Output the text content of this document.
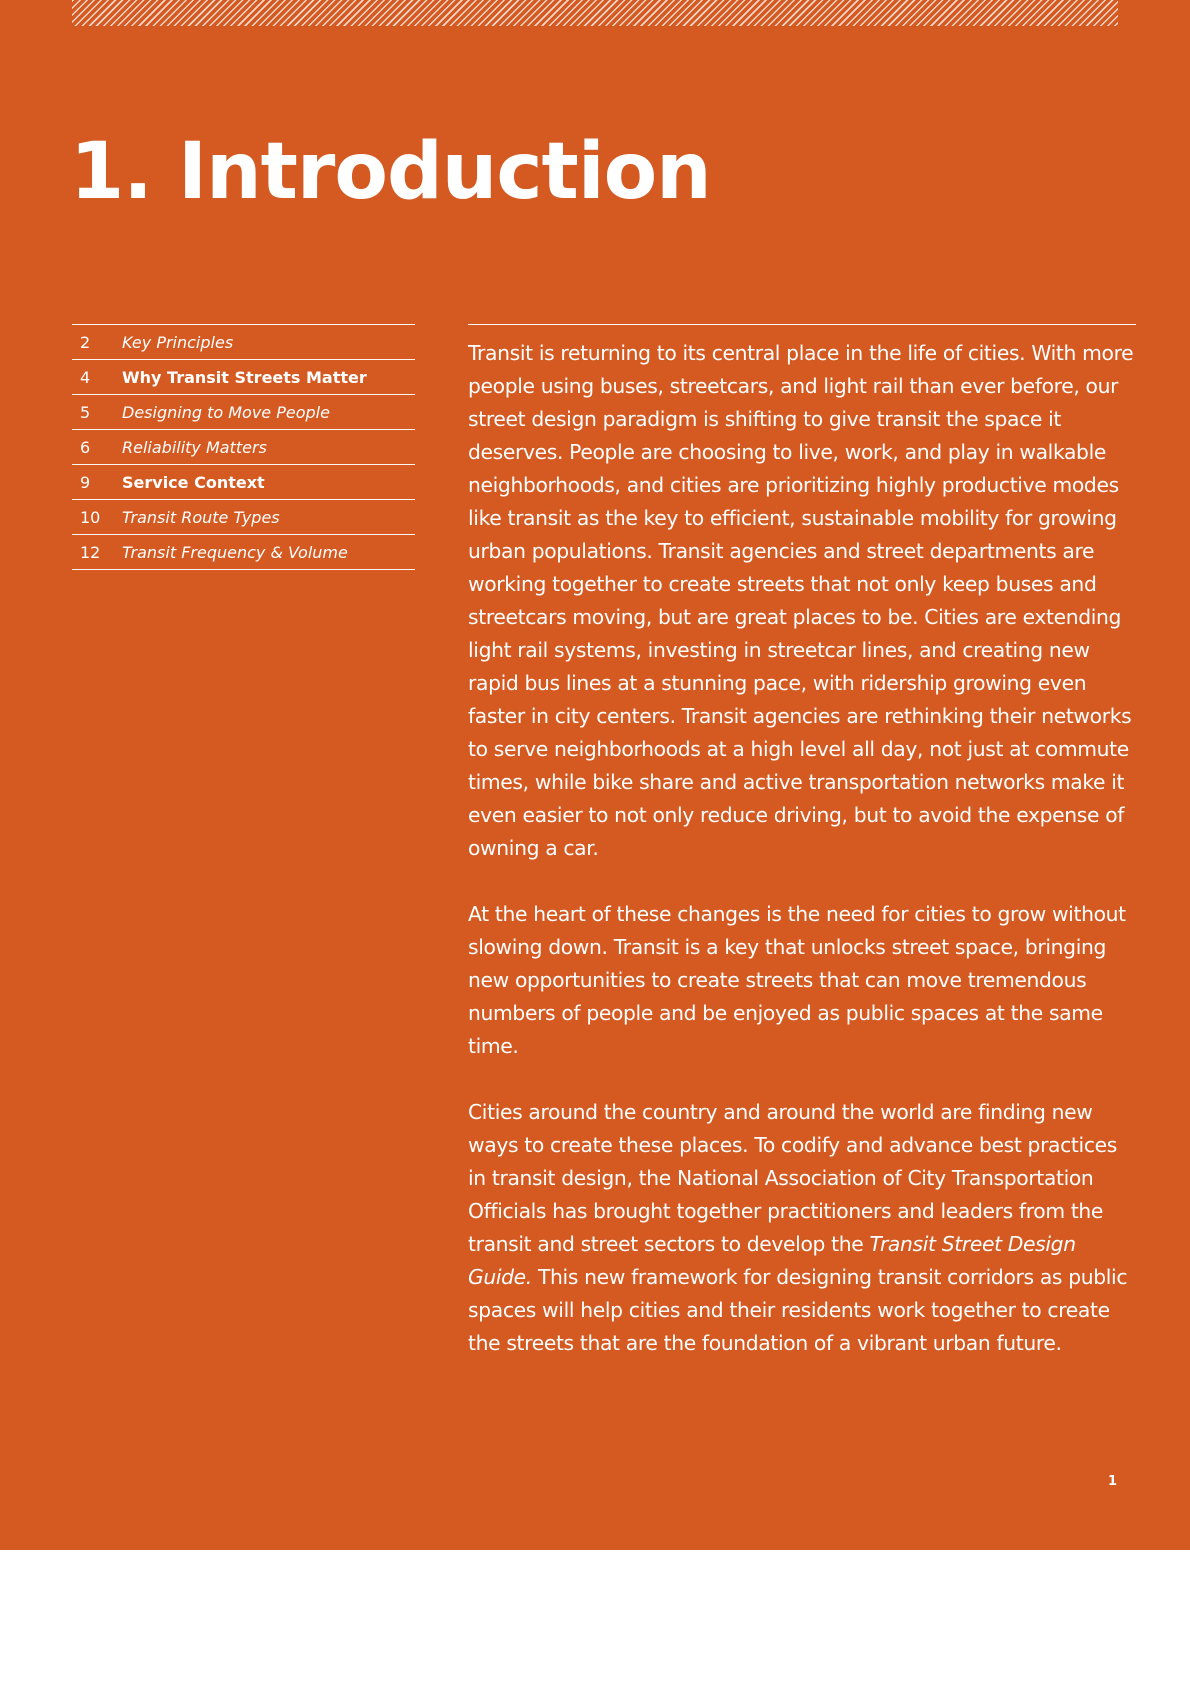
1. Introduction
2	Key Principles
4	Why Transit Streets Matter
5	Designing to Move People
6	Reliability Matters
9	Service Context
10	Transit Route Types
12	Transit Frequency & Volume

Transit is returning to its central place in the life of cities. With more people using buses, streetcars, and light rail than ever before, our street design paradigm is shifting to give transit the space it deserves. People are choosing to live, work, and play in walkable neighborhoods, and cities are prioritizing highly productive modes like transit as the key to efficient, sustainable mobility for growing urban populations. Transit agencies and street departments are working together to create streets that not only keep buses and streetcars moving, but are great places to be. Cities are extending light rail systems, investing in streetcar lines, and creating new rapid bus lines at a stunning pace, with ridership growing even faster in city centers. Transit agencies are rethinking their networks to serve neighborhoods at a high level all day, not just at commute times, while bike share and active transportation networks make it even easier to not only reduce driving, but to avoid the expense of owning a car.

At the heart of these changes is the need for cities to grow without slowing down. Transit is a key that unlocks street space, bringing new opportunities to create streets that can move tremendous numbers of people and be enjoyed as public spaces at the same time.

Cities around the country and around the world are finding new ways to create these places. To codify and advance best practices in transit design, the National Association of City Transportation Officials has brought together practitioners and leaders from the transit and street sectors to develop the Transit Street Design Guide. This new framework for designing transit corridors as public spaces will help cities and their residents work together to create the streets that are the foundation of a vibrant urban future.

1
